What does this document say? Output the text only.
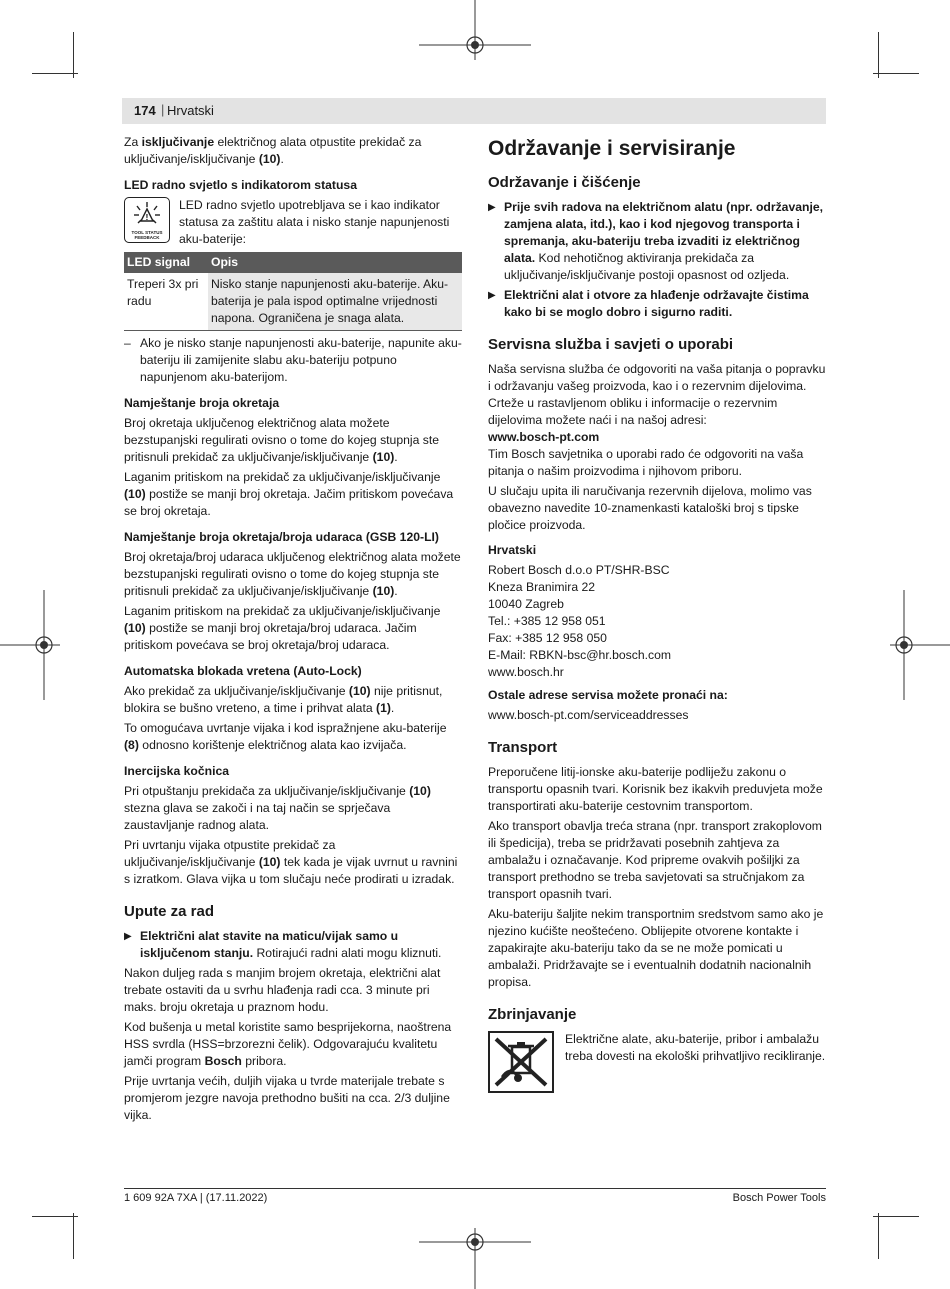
174 | Hrvatski

Za isključivanje električnog alata otpustite prekidač za uključivanje/isključivanje (10).

LED radno svjetlo s indikatorom statusa
!
TOOL STATUS FEEDBACK
LED radno svjetlo upotrebljava se i kao indikator statusa za zaštitu alata i nisko stanje napunjenosti aku-baterije:
LED signal	Opis
Treperi 3x pri radu	Nisko stanje napunjenosti aku-baterije. Aku-baterija je pala ispod optimalne vrijednosti napona. Ograničena je snaga alata.
– Ako je nisko stanje napunjenosti aku-baterije, napunite aku-bateriju ili zamijenite slabu aku-bateriju potpuno napunjenom aku-baterijom.
Namještanje broja okretaja

Broj okretaja uključenog električnog alata možete bezstupanjski regulirati ovisno o tome do kojeg stupnja ste pritisnuli prekidač za uključivanje/isključivanje (10).

Laganim pritiskom na prekidač za uključivanje/isključivanje (10) postiže se manji broj okretaja. Jačim pritiskom povećava se broj okretaja.

Namještanje broja okretaja/broja udaraca (GSB 120-LI)

Broj okretaja/broj udaraca uključenog električnog alata možete bezstupanjski regulirati ovisno o tome do kojeg stupnja ste pritisnuli prekidač za uključivanje/isključivanje (10).

Laganim pritiskom na prekidač za uključivanje/isključivanje (10) postiže se manji broj okretaja/broj udaraca. Jačim pritiskom povećava se broj okretaja/broj udaraca.

Automatska blokada vretena (Auto-Lock)

Ako prekidač za uključivanje/isključivanje (10) nije pritisnut, blokira se bušno vreteno, a time i prihvat alata (1).

To omogućava uvrtanje vijaka i kod ispražnjene aku-baterije (8) odnosno korištenje električnog alata kao izvijača.

Inercijska kočnica

Pri otpuštanju prekidača za uključivanje/isključivanje (10) stezna glava se zakoči i na taj način se sprječava zaustavljanje radnog alata.

Pri uvrtanju vijaka otpustite prekidač za uključivanje/isključivanje (10) tek kada je vijak uvrnut u ravnini s izratkom. Glava vijka u tom slučaju neće prodirati u izradak.

Upute za rad
▶ Električni alat stavite na maticu/vijak samo u isključenom stanju. Rotirajući radni alati mogu kliznuti.

Nakon duljeg rada s manjim brojem okretaja, električni alat trebate ostaviti da u svrhu hlađenja radi cca. 3 minute pri maks. broju okretaja u praznom hodu.

Kod bušenja u metal koristite samo besprijekorna, naoštrena HSS svrdla (HSS=brzorezni čelik). Odgovarajuću kvalitetu jamči program Bosch pribora.

Prije uvrtanja većih, duljih vijaka u tvrde materijale trebate s promjerom jezgre navoja prethodno bušiti na cca. 2/3 duljine vijka.

Održavanje i servisiranje
Održavanje i čišćenje
▶ Prije svih radova na električnom alatu (npr. održavanje, zamjena alata, itd.), kao i kod njegovog transporta i spremanja, aku-bateriju treba izvaditi iz električnog alata. Kod nehotičnog aktiviranja prekidača za uključivanje/isključivanje postoji opasnost od ozljeda.
▶ Električni alat i otvore za hlađenje održavajte čistima kako bi se moglo dobro i sigurno raditi.
Servisna služba i savjeti o uporabi

Naša servisna služba će odgovoriti na vaša pitanja o popravku i održavanju vašeg proizvoda, kao i o rezervnim dijelovima. Crteže u rastavljenom obliku i informacije o rezervnim dijelovima možete naći i na našoj adresi:

www.bosch-pt.com

Tim Bosch savjetnika o uporabi rado će odgovoriti na vaša pitanja o našim proizvodima i njihovom priboru.

U slučaju upita ili naručivanja rezervnih dijelova, molimo vas obavezno navedite 10-znamenkasti kataloški broj s tipske pločice proizvoda.

Hrvatski
Robert Bosch d.o.o PT/SHR-BSC
Kneza Branimira 22
10040 Zagreb
Tel.: +385 12 958 051
Fax: +385 12 958 050
E-Mail: RBKN-bsc@hr.bosch.com
www.bosch.hr
Ostale adrese servisa možete pronaći na:

www.bosch-pt.com/serviceaddresses

Transport

Preporučene litij-ionske aku-baterije podliježu zakonu o transportu opasnih tvari. Korisnik bez ikakvih preduvjeta može transportirati aku-baterije cestovnim transportom.

Ako transport obavlja treća strana (npr. transport zrakoplovom ili špedicija), treba se pridržavati posebnih zahtjeva za ambalažu i označavanje. Kod pripreme ovakvih pošiljki za transport prethodno se treba savjetovati sa stručnjakom za transport opasnih tvari.

Aku-bateriju šaljite nekim transportnim sredstvom samo ako je njezino kućište neoštećeno. Oblijepite otvorene kontakte i zapakirajte aku-bateriju tako da se ne može pomicati u ambalaži. Pridržavajte se i eventualnih dodatnih nacionalnih propisa.

Zbrinjavanje
Električne alate, aku-baterije, pribor i ambalažu treba dovesti na ekološki prihvatljivo recikliranje.
1 609 92A 7XA | (17.11.2022)	Bosch Power Tools
